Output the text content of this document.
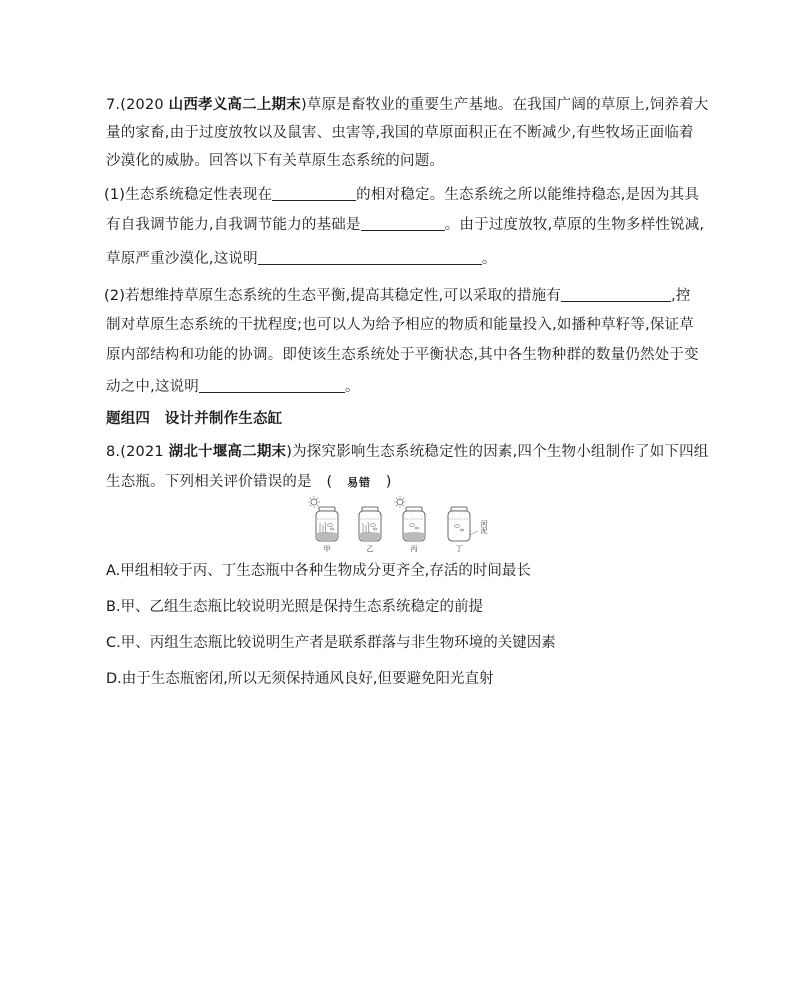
7.(2020 山西孝义高二上期末)草原是畜牧业的重要生产基地。在我国广阔的草原上,饲养着大
量的家畜,由于过度放牧以及鼠害、虫害等,我国的草原面积正在不断减少,有些牧场正面临着
沙漠化的威胁。回答以下有关草原生态系统的问题。
(1)生态系统稳定性表现在	的相对稳定。生态系统之所以能维持稳态,是因为其具
有自我调节能力,自我调节能力的基础是	。由于过度放牧,草原的生物多样性锐减,
草原严重沙漠化,这说明	。
(2)若想维持草原生态系统的生态平衡,提高其稳定性,可以采取的措施有	,控
制对草原生态系统的干扰程度;也可以人为给予相应的物质和能量投入,如播种草籽等,保证草
原内部结构和功能的协调。即使该生态系统处于平衡状态,其中各生物种群的数量仍然处于变
动之中,这说明	。
题组四　设计并制作生态缸
8.(2021 湖北十堰高二期末)为探究影响生态系统稳定性的因素,四个生物小组制作了如下四组
生态瓶。下列相关评价错误的是　(　易错　)
甲	乙	丙	丁
河泥
A.甲组相较于丙、丁生态瓶中各种生物成分更齐全,存活的时间最长
B.甲、乙组生态瓶比较说明光照是保持生态系统稳定的前提
C.甲、丙组生态瓶比较说明生产者是联系群落与非生物环境的关键因素
D.由于生态瓶密闭,所以无须保持通风良好,但要避免阳光直射
